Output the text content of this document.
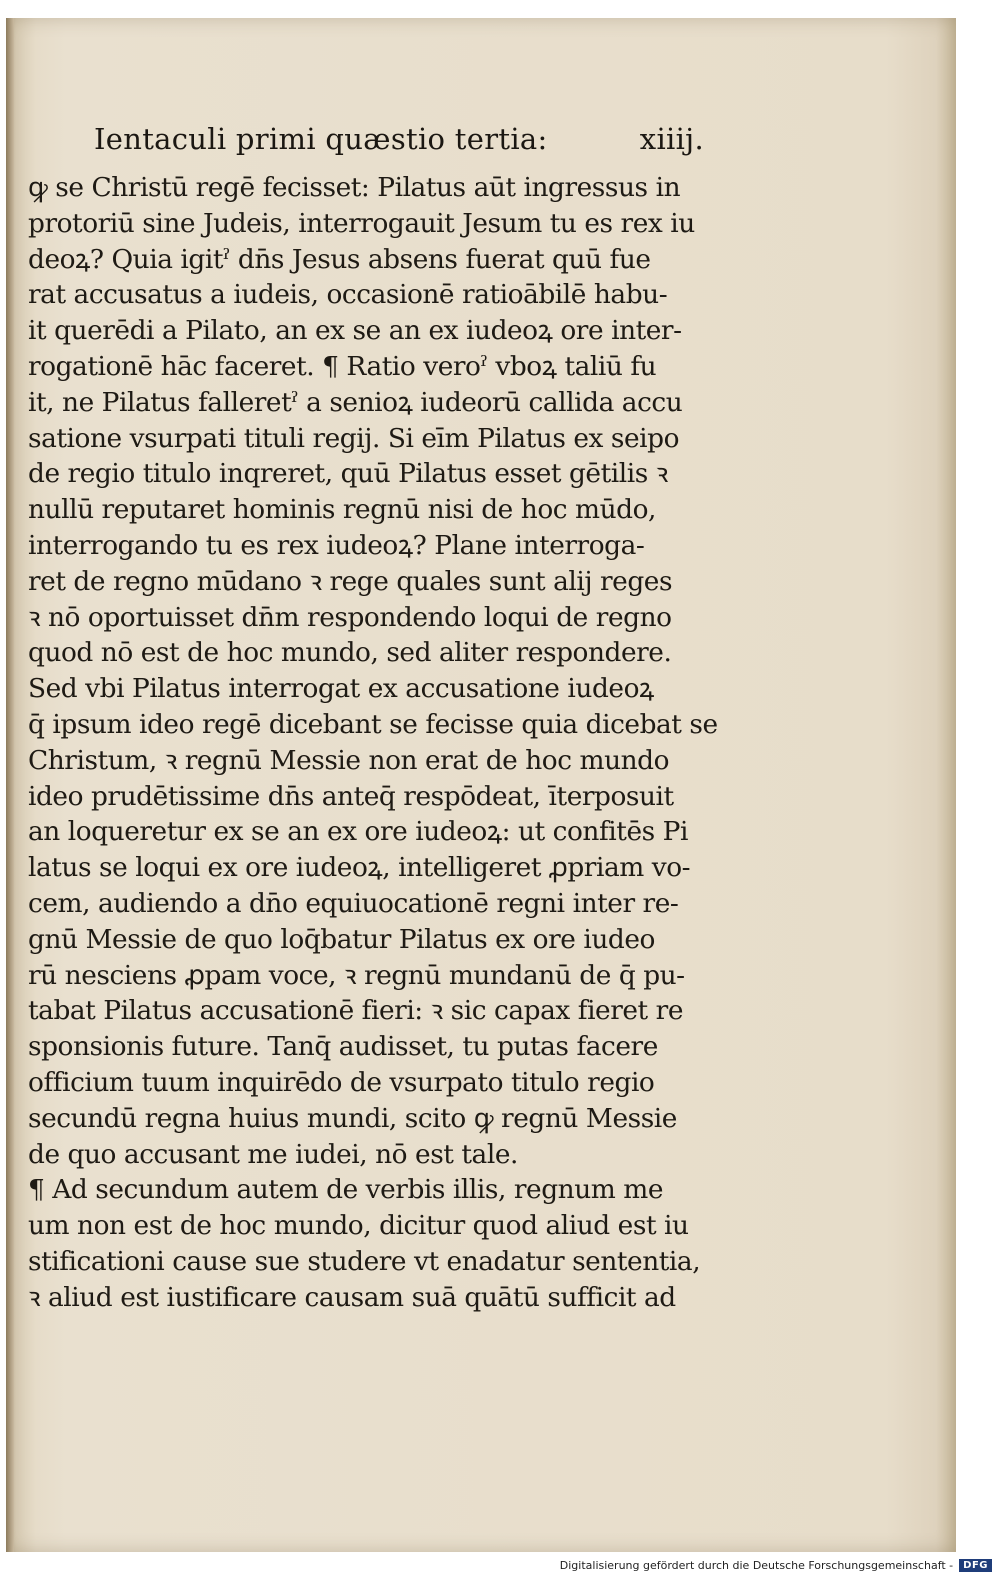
Ientaculi primi quæstio tertia:	xiiij.
ꝙ se Christū regē fecisset: Pilatus aūt ingressus in
protoriū sine Judeis, interrogauit Jesum tu es rex iu
deoꝝ? Quia igitˀ dn̄s Jesus absens fuerat quū fue
rat accusatus a iudeis, occasionē ratioābilē habu-
it querēdi a Pilato, an ex se an ex iudeoꝝ ore inter-
rogationē hāc faceret. ¶ Ratio veroˀ vboꝝ taliū fu
it, ne Pilatus falleretˀ a senioꝝ iudeorū callida accu
satione vsurpati tituli regij. Si eīm Pilatus ex seipo
de regio titulo inqreret, quū Pilatus esset gētilis ꝛ
nullū reputaret hominis regnū nisi de hoc mūdo,
interrogando tu es rex iudeoꝝ? Plane interroga-
ret de regno mūdano ꝛ rege quales sunt alij reges
ꝛ nō oportuisset dn̄m respondendo loqui de regno
quod nō est de hoc mundo, sed aliter respondere.
Sed vbi Pilatus interrogat ex accusatione iudeoꝝ
q̄ ipsum ideo regē dicebant se fecisse quia dicebat se
Christum, ꝛ regnū Messie non erat de hoc mundo
ideo prudētissime dn̄s anteq̄ respōdeat, īterposuit
an loqueretur ex se an ex ore iudeoꝝ: ut confitēs Pi
latus se loqui ex ore iudeoꝝ, intelligeret ꝓpriam vo-
cem, audiendo a dn̄o equiuocationē regni inter re-
gnū Messie de quo loq̄batur Pilatus ex ore iudeo
rū nesciens ꝓpam voce, ꝛ regnū mundanū de q̄ pu-
tabat Pilatus accusationē fieri: ꝛ sic capax fieret re
sponsionis future. Tanq̄ audisset, tu putas facere
officium tuum inquirēdo de vsurpato titulo regio
secundū regna huius mundi, scito ꝙ regnū Messie
de quo accusant me iudei, nō est tale.
¶ Ad secundum autem de verbis illis, regnum me
um non est de hoc mundo, dicitur quod aliud est iu
stificationi cause sue studere vt enadatur sententia,
ꝛ aliud est iustificare causam suā quātū sufficit ad
Digitalisierung gefördert durch die Deutsche Forschungsgemeinschaft -	DFG
